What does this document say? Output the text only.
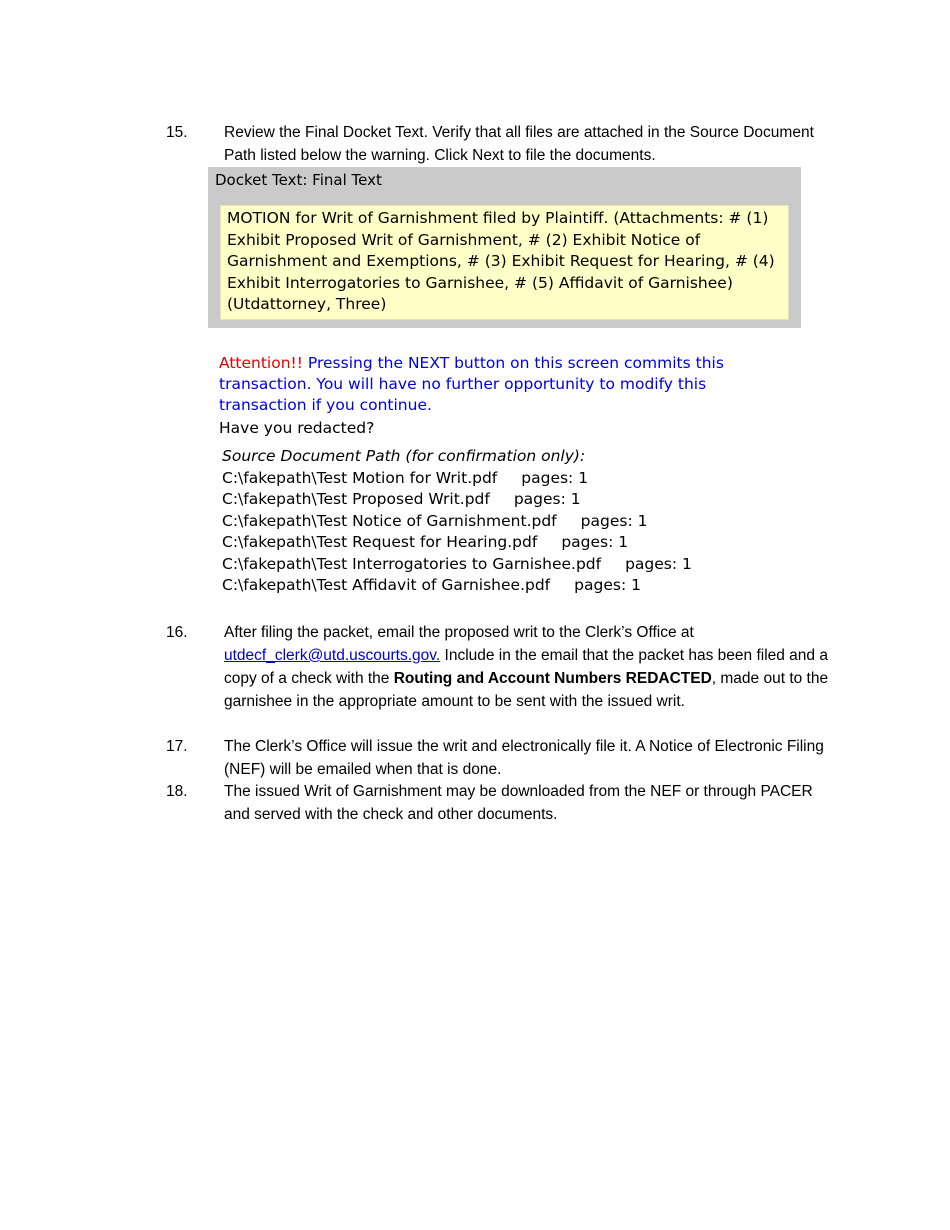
15. Review the Final Docket Text. Verify that all files are attached in the Source Document Path listed below the warning. Click Next to file the documents.
Docket Text: Final Text
MOTION for Writ of Garnishment filed by Plaintiff. (Attachments: # (1) Exhibit Proposed Writ of Garnishment, # (2) Exhibit Notice of Garnishment and Exemptions, # (3) Exhibit Request for Hearing, # (4) Exhibit Interrogatories to Garnishee, # (5) Affidavit of Garnishee) (Utdattorney, Three)
Attention!! Pressing the NEXT button on this screen commits this transaction. You will have no further opportunity to modify this transaction if you continue.
Have you redacted?
Source Document Path (for confirmation only):
C:\fakepath\Test Motion for Writ.pdf pages: 1
C:\fakepath\Test Proposed Writ.pdf pages: 1
C:\fakepath\Test Notice of Garnishment.pdf pages: 1
C:\fakepath\Test Request for Hearing.pdf pages: 1
C:\fakepath\Test Interrogatories to Garnishee.pdf pages: 1
C:\fakepath\Test Affidavit of Garnishee.pdf pages: 1
16. After filing the packet, email the proposed writ to the Clerk’s Office at utdecf_clerk@utd.uscourts.gov. Include in the email that the packet has been filed and a copy of a check with the Routing and Account Numbers REDACTED, made out to the garnishee in the appropriate amount to be sent with the issued writ.
17. The Clerk’s Office will issue the writ and electronically file it. A Notice of Electronic Filing (NEF) will be emailed when that is done.
18. The issued Writ of Garnishment may be downloaded from the NEF or through PACER and served with the check and other documents.
